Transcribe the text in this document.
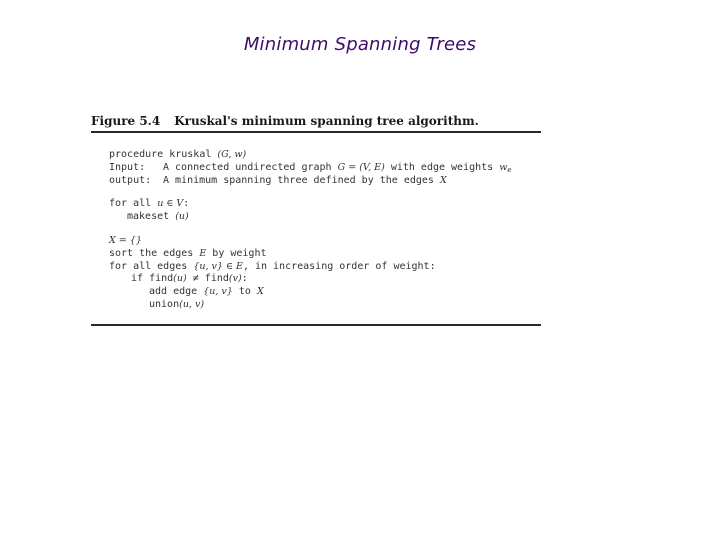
Minimum Spanning Trees
Figure 5.4 Kruskal's minimum spanning tree algorithm.
procedure kruskal (G, w)
Input: A connected undirected graph G = (V, E) with edge weights $w_e$
output: A minimum spanning three defined by the edges X
for all u ∈ V:
makeset (u)
X = {}
sort the edges E by weight
for all edges {u, v} ∈ E, in increasing order of weight:
if find(u) ≠ find(v):
add edge {u, v} to X
union(u, v)
